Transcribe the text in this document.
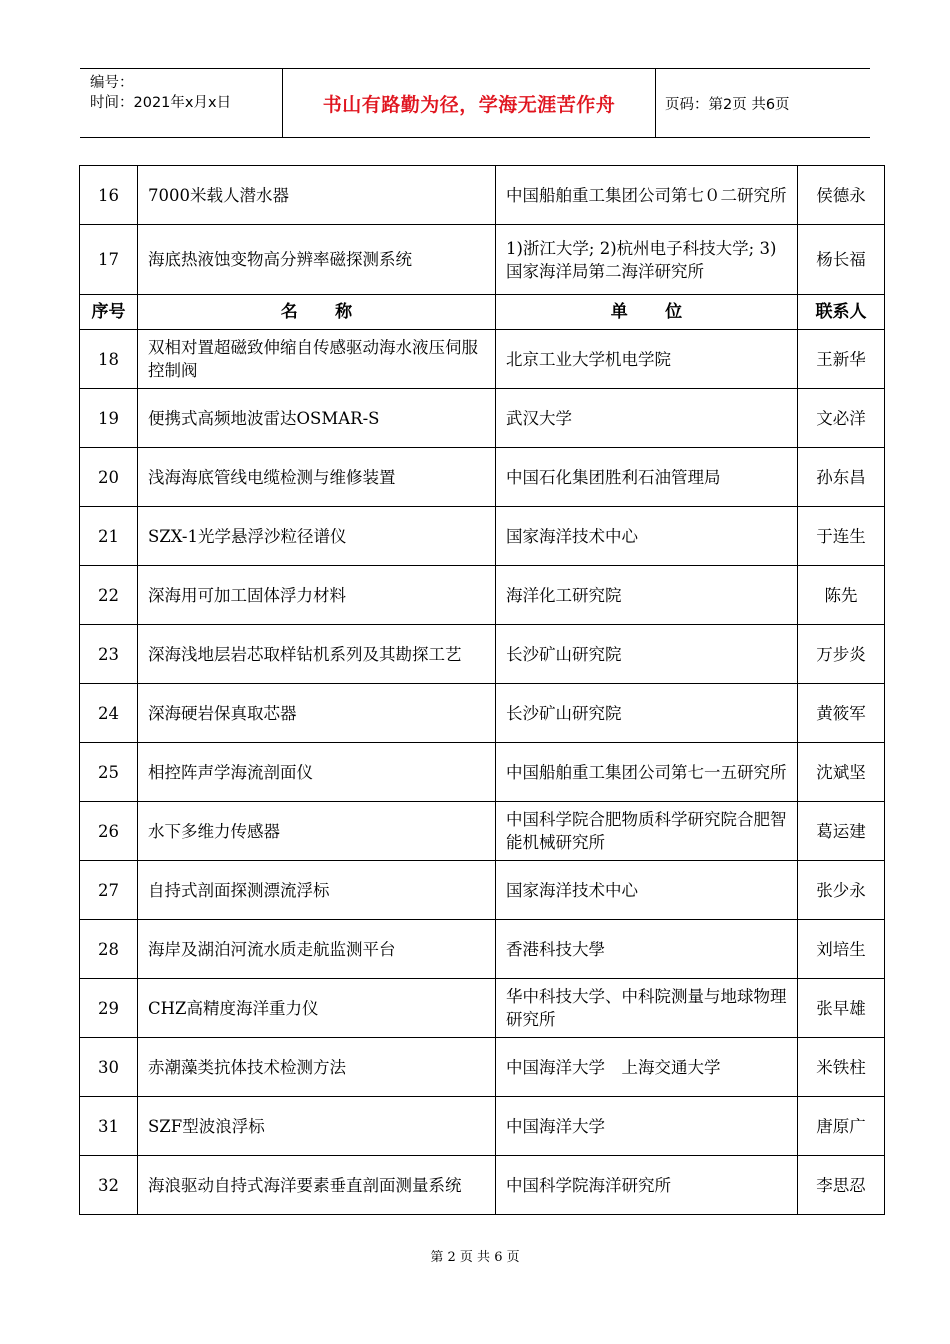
编号：
时间：2021年x月x日	书山有路勤为径，学海无涯苦作舟	页码：第2页 共6页
16	7000米载人潜水器	中国船舶重工集团公司第七０二研究所	侯德永
17	海底热液蚀变物高分辨率磁探测系统	1)浙江大学; 2)杭州电子科技大学; 3)国家海洋局第二海洋研究所	杨长福
序号	名称	单位	联系人
18	双相对置超磁致伸缩自传感驱动海水液压伺服控制阀	北京工业大学机电学院	王新华
19	便携式高频地波雷达OSMAR-S	武汉大学	文必洋
20	浅海海底管线电缆检测与维修装置	中国石化集团胜利石油管理局	孙东昌
21	SZX-1光学悬浮沙粒径谱仪	国家海洋技术中心	于连生
22	深海用可加工固体浮力材料	海洋化工研究院	陈先
23	深海浅地层岩芯取样钻机系列及其勘探工艺	长沙矿山研究院	万步炎
24	深海硬岩保真取芯器	长沙矿山研究院	黄筱军
25	相控阵声学海流剖面仪	中国船舶重工集团公司第七一五研究所	沈斌坚
26	水下多维力传感器	中国科学院合肥物质科学研究院合肥智能机械研究所	葛运建
27	自持式剖面探测漂流浮标	国家海洋技术中心	张少永
28	海岸及湖泊河流水质走航监测平台	香港科技大學	刘培生
29	CHZ高精度海洋重力仪	华中科技大学、中科院测量与地球物理研究所	张早雄
30	赤潮藻类抗体技术检测方法	中国海洋大学　上海交通大学	米铁柱
31	SZF型波浪浮标	中国海洋大学	唐原广
32	海浪驱动自持式海洋要素垂直剖面测量系统	中国科学院海洋研究所	李思忍
第 2 页 共 6 页
